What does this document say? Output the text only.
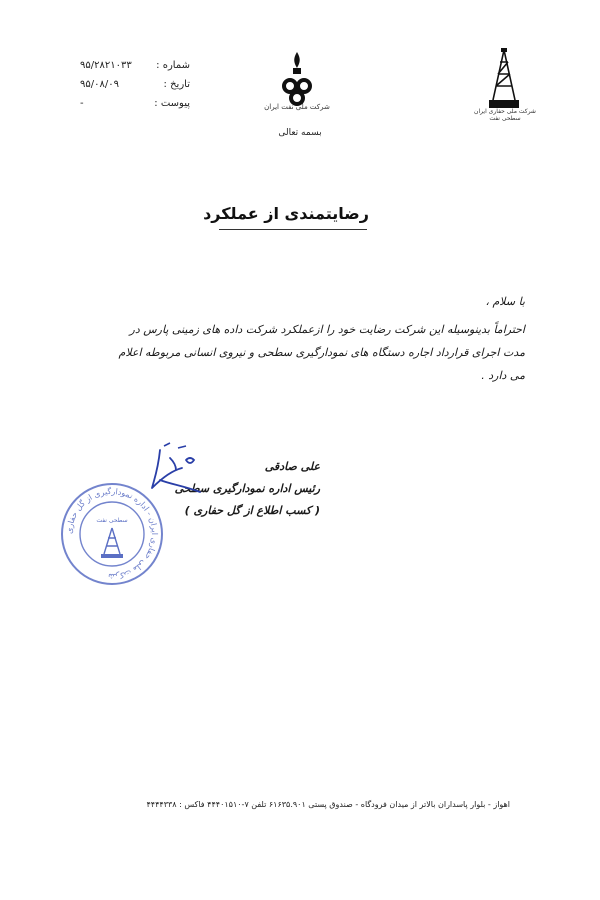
شماره :
۹۵/۲۸۲۱۰۳۳
تاریخ :
۹۵/۰۸/۰۹
پیوست :
-	شرکت ملی نفت ایران
بسمه تعالی
شرکت ملی حفاری ایران سطحی نفت
رضایتمندی از عملکرد
با سلام ،
احتراماً بدینوسیله این شرکت رضایت خود را ازعملکرد شرکت داده های زمینی پارس در
مدت اجرای قرارداد اجاره دستگاه های نمودارگیری سطحی و نیروی انسانی مربوطه اعلام
می دارد .
علی صادقی
رئیس اداره نمودارگیری سطحی
( کسب اطلاع از گل حفاری )
شرکت ملی حفاری ایران - اداره نمودارگیری از گل حفاری
سطحی نفت
اهواز - بلوار پاسداران بالاتر از میدان فرودگاه - صندوق پستی ۶۱۶۳۵.۹۰۱ تلفن ۷-۴۴۴۰۱۵۱۰ فاکس : ۴۴۴۴۳۳۸
